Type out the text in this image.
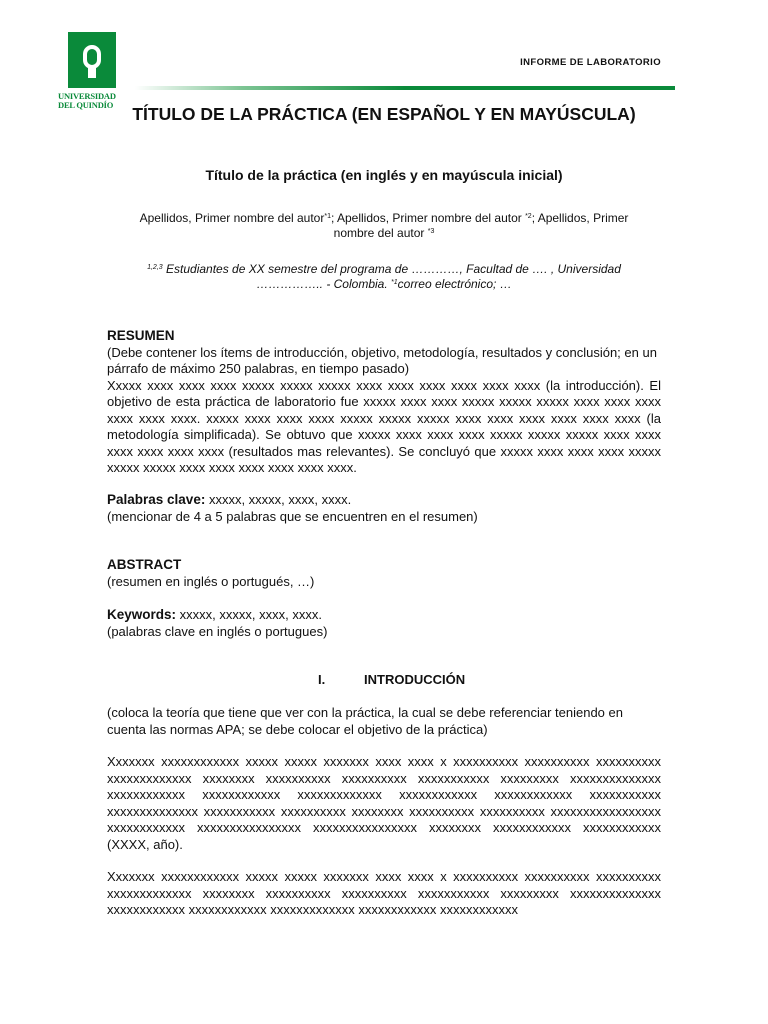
UNIVERSIDAD
DEL QUINDÍO
INFORME DE LABORATORIO
TÍTULO DE LA PRÁCTICA (EN ESPAÑOL Y EN MAYÚSCULA)
Título de la práctica (en inglés y en mayúscula inicial)
Apellidos, Primer nombre del autor$^{*1}$; Apellidos, Primer nombre del autor $^{*2}$; Apellidos, Primer nombre del autor $^{*3}$
$^{1,2,3}$ Estudiantes de XX semestre del programa de …………, Facultad de …. , Universidad …………….. - Colombia. $^{*1}$correo electrónico; …

RESUMEN

(Debe contener los ítems de introducción, objetivo, metodología, resultados y conclusión; en un párrafo de máximo 250 palabras, en tiempo pasado)

Xxxxx xxxx xxxx xxxx xxxxx xxxxx xxxxx xxxx xxxx xxxx xxxx xxxx xxxx (la introducción). El objetivo de esta práctica de laboratorio fue xxxxx xxxx xxxx xxxxx xxxxx xxxxx xxxx xxxx xxxx xxxx xxxx xxxx. xxxxx xxxx xxxx xxxx xxxxx xxxxx xxxxx xxxx xxxx xxxx xxxx xxxx xxxx (la metodología simplificada). Se obtuvo que xxxxx xxxx xxxx xxxx xxxxx xxxxx xxxxx xxxx xxxx xxxx xxxx xxxx xxxx (resultados mas relevantes). Se concluyó que xxxxx xxxx xxxx xxxx xxxxx xxxxx xxxxx xxxx xxxx xxxx xxxx xxxx xxxx.

Palabras clave: xxxxx, xxxxx, xxxx, xxxx.

(mencionar de 4 a 5 palabras que se encuentren en el resumen)

ABSTRACT

(resumen en inglés o portugués, …)

Keywords: xxxxx, xxxxx, xxxx, xxxx.

(palabras clave en inglés o portugues)

I.	INTRODUCCIÓN

(coloca la teoría que tiene que ver con la práctica, la cual se debe referenciar teniendo en cuenta las normas APA; se debe colocar el objetivo de la práctica)

Xxxxxxx xxxxxxxxxxxx xxxxx xxxxx xxxxxxx xxxx xxxx x xxxxxxxxxx xxxxxxxxxx xxxxxxxxxx xxxxxxxxxxxxx xxxxxxxx xxxxxxxxxx xxxxxxxxxx xxxxxxxxxxx xxxxxxxxx xxxxxxxxxxxxxx xxxxxxxxxxxx xxxxxxxxxxxx xxxxxxxxxxxxx xxxxxxxxxxxx xxxxxxxxxxxx xxxxxxxxxxx xxxxxxxxxxxxxx xxxxxxxxxxx xxxxxxxxxx xxxxxxxx xxxxxxxxxx xxxxxxxxxx xxxxxxxxxxxxxxxxx xxxxxxxxxxxx xxxxxxxxxxxxxxxx xxxxxxxxxxxxxxxx xxxxxxxx xxxxxxxxxxxx xxxxxxxxxxxx (XXXX, año).

Xxxxxxx xxxxxxxxxxxx xxxxx xxxxx xxxxxxx xxxx xxxx x xxxxxxxxxx xxxxxxxxxx xxxxxxxxxx xxxxxxxxxxxxx xxxxxxxx xxxxxxxxxx xxxxxxxxxx xxxxxxxxxxx xxxxxxxxx xxxxxxxxxxxxxx xxxxxxxxxxxx xxxxxxxxxxxx xxxxxxxxxxxxx xxxxxxxxxxxx xxxxxxxxxxxx
